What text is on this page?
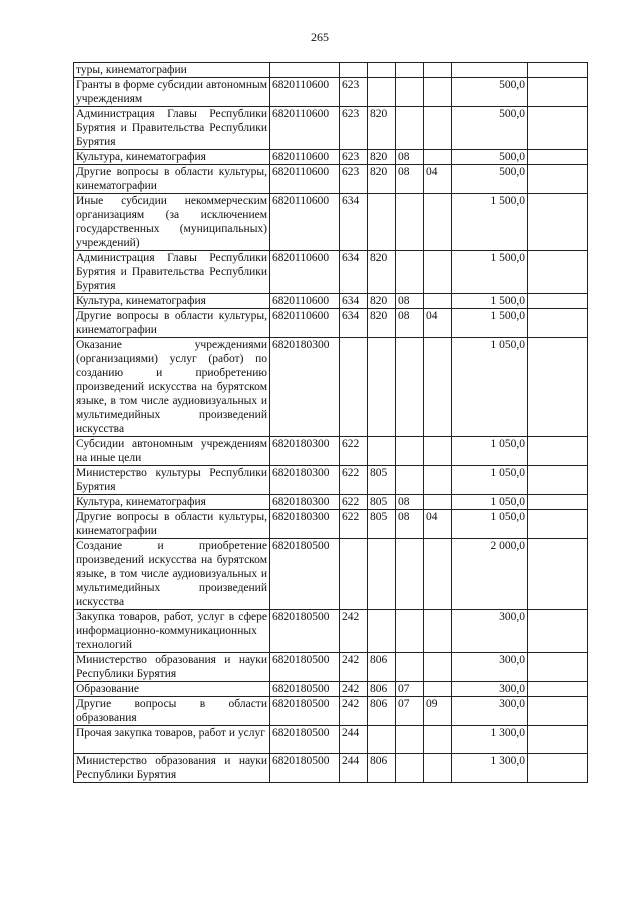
265
туры, кинематографии							
Гранты в форме субсидии автономным учреждениям	6820110600	623				500,0	
Администрация Главы Республики Бурятия и Правительства Республики Бурятия	6820110600	623	820			500,0	
Культура, кинематография	6820110600	623	820	08		500,0	
Другие вопросы в области культуры, кинематографии	6820110600	623	820	08	04	500,0	
Иные субсидии некоммерческим организациям (за исключением государственных (муниципальных) учреждений)	6820110600	634				1 500,0	
Администрация Главы Республики Бурятия и Правительства Республики Бурятия	6820110600	634	820			1 500,0	
Культура, кинематография	6820110600	634	820	08		1 500,0	
Другие вопросы в области культуры, кинематографии	6820110600	634	820	08	04	1 500,0	
Оказание учреждениями (организациями) услуг (работ) по созданию и приобретению произведений искусства на бурятском языке, в том числе аудиовизуальных и мультимедийных произведений искусства	6820180300					1 050,0	
Субсидии автономным учреждениям на иные цели	6820180300	622				1 050,0	
Министерство культуры Республики Бурятия	6820180300	622	805			1 050,0	
Культура, кинематография	6820180300	622	805	08		1 050,0	
Другие вопросы в области культуры, кинематографии	6820180300	622	805	08	04	1 050,0	
Создание и приобретение произведений искусства на бурятском языке, в том числе аудиовизуальных и мультимедийных произведений искусства	6820180500					2 000,0	
Закупка товаров, работ, услуг в сфере информационно-коммуникационных технологий	6820180500	242				300,0	
Министерство образования и науки Республики Бурятия	6820180500	242	806			300,0	
Образование	6820180500	242	806	07		300,0	
Другие вопросы в области образования	6820180500	242	806	07	09	300,0	
Прочая закупка товаров, работ и услуг	6820180500	244				1 300,0	
Министерство образования и науки Республики Бурятия	6820180500	244	806			1 300,0	
